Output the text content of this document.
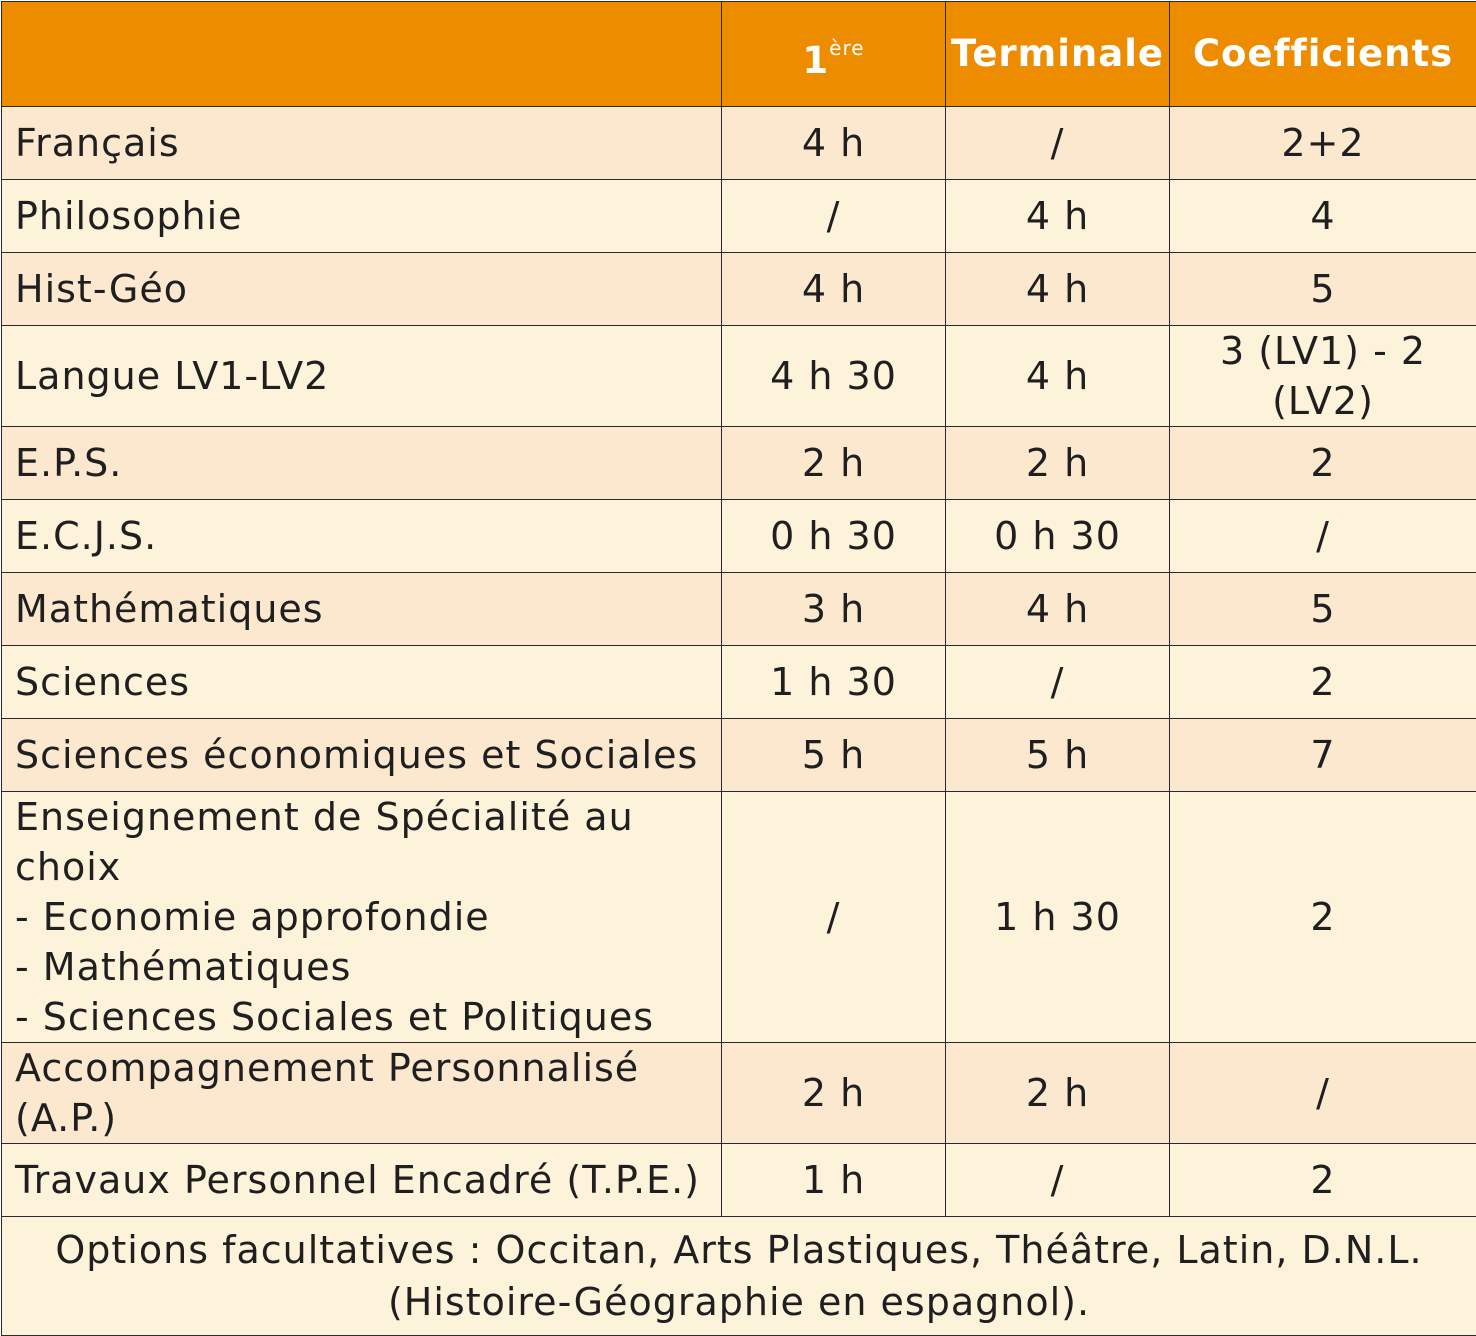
	1ère	Terminale	Coefficients
Français	4 h	/	2+2
Philosophie	/	4 h	4
Hist-Géo	4 h	4 h	5
Langue LV1-LV2	4 h 30	4 h	3 (LV1) - 2 (LV2)
E.P.S.	2 h	2 h	2
E.C.J.S.	0 h 30	0 h 30	/
Mathématiques	3 h	4 h	5
Sciences	1 h 30	/	2
Sciences économiques et Sociales	5 h	5 h	7

Enseignement de Spécialité au choix
- Economie approfondie
- Mathématiques
- Sciences Sociales et Politiques	/	1 h 30	2
Accompagnement Personnalisé (A.P.)	2 h	2 h	/
Travaux Personnel Encadré (T.P.E.)	1 h	/	2
Options facultatives : Occitan, Arts Plastiques, Théâtre, Latin, D.N.L. (Histoire-Géographie en espagnol).			
